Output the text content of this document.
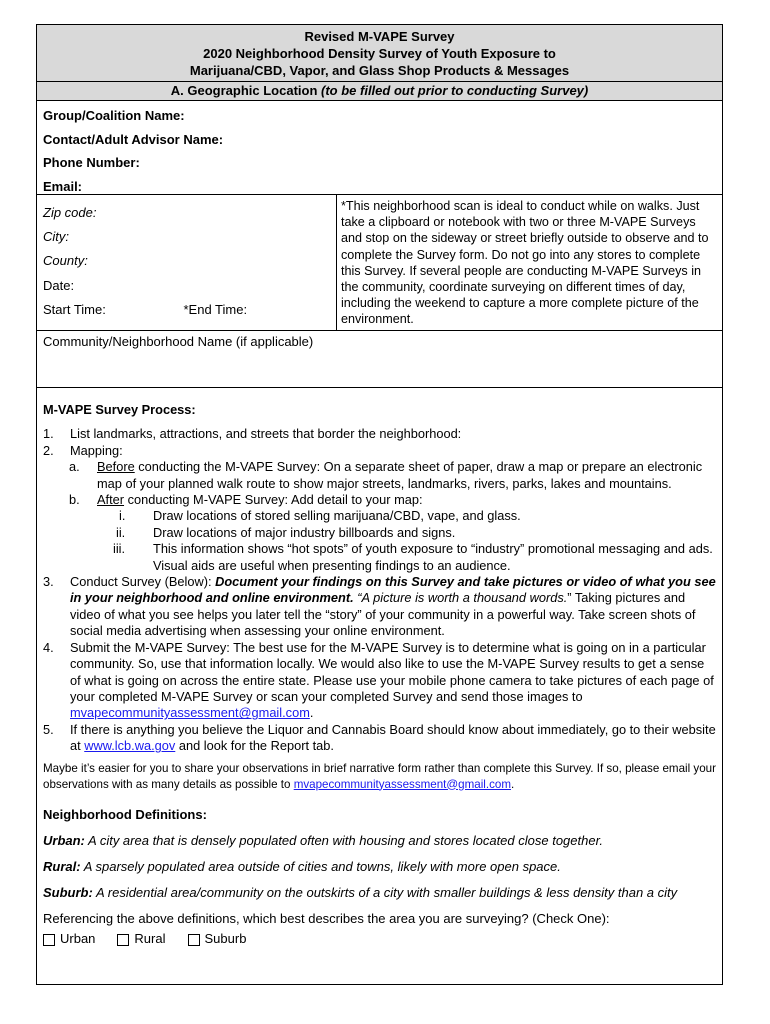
Revised M-VAPE Survey
2020 Neighborhood Density Survey of Youth Exposure to
Marijuana/CBD, Vapor, and Glass Shop Products & Messages
A. Geographic Location (to be filled out prior to conducting Survey)
Group/Coalition Name:
Contact/Adult Advisor Name:
Phone Number:
Email:
Zip code:
City:
County:
Date:
Start Time:	*End Time:
*This neighborhood scan is ideal to conduct while on walks. Just take a clipboard or notebook with two or three M-VAPE Surveys and stop on the sideway or street briefly outside to observe and to complete the Survey form. Do not go into any stores to complete this Survey. If several people are conducting M-VAPE Surveys in the community, coordinate surveying on different times of day, including the weekend to capture a more complete picture of the environment.
Community/Neighborhood Name (if applicable)
M-VAPE Survey Process:
1. List landmarks, attractions, and streets that border the neighborhood:
2. Mapping:
a. Before conducting the M-VAPE Survey: On a separate sheet of paper, draw a map or prepare an electronic map of your planned walk route to show major streets, landmarks, rivers, parks, lakes and mountains.
b. After conducting M-VAPE Survey: Add detail to your map:
i. Draw locations of stored selling marijuana/CBD, vape, and glass.
ii. Draw locations of major industry billboards and signs.
iii. This information shows “hot spots” of youth exposure to “industry” promotional messaging and ads. Visual aids are useful when presenting findings to an audience.
3. Conduct Survey (Below): Document your findings on this Survey and take pictures or video of what you see in your neighborhood and online environment. “A picture is worth a thousand words.” Taking pictures and video of what you see helps you later tell the “story” of your community in a powerful way. Take screen shots of social media advertising when assessing your online environment.
4. Submit the M-VAPE Survey: The best use for the M-VAPE Survey is to determine what is going on in a particular community. So, use that information locally. We would also like to use the M-VAPE Survey results to get a sense of what is going on across the entire state. Please use your mobile phone camera to take pictures of each page of your completed M-VAPE Survey or scan your completed Survey and send those images to mvapecommunityassessment@gmail.com.
5. If there is anything you believe the Liquor and Cannabis Board should know about immediately, go to their website at www.lcb.wa.gov and look for the Report tab.
Maybe it’s easier for you to share your observations in brief narrative form rather than complete this Survey. If so, please email your observations with as many details as possible to mvapecommunityassessment@gmail.com.
Neighborhood Definitions:
Urban: A city area that is densely populated often with housing and stores located close together.
Rural: A sparsely populated area outside of cities and towns, likely with more open space.
Suburb: A residential area/community on the outskirts of a city with smaller buildings & less density than a city
Referencing the above definitions, which best describes the area you are surveying? (Check One):
Urban	Rural	Suburb
